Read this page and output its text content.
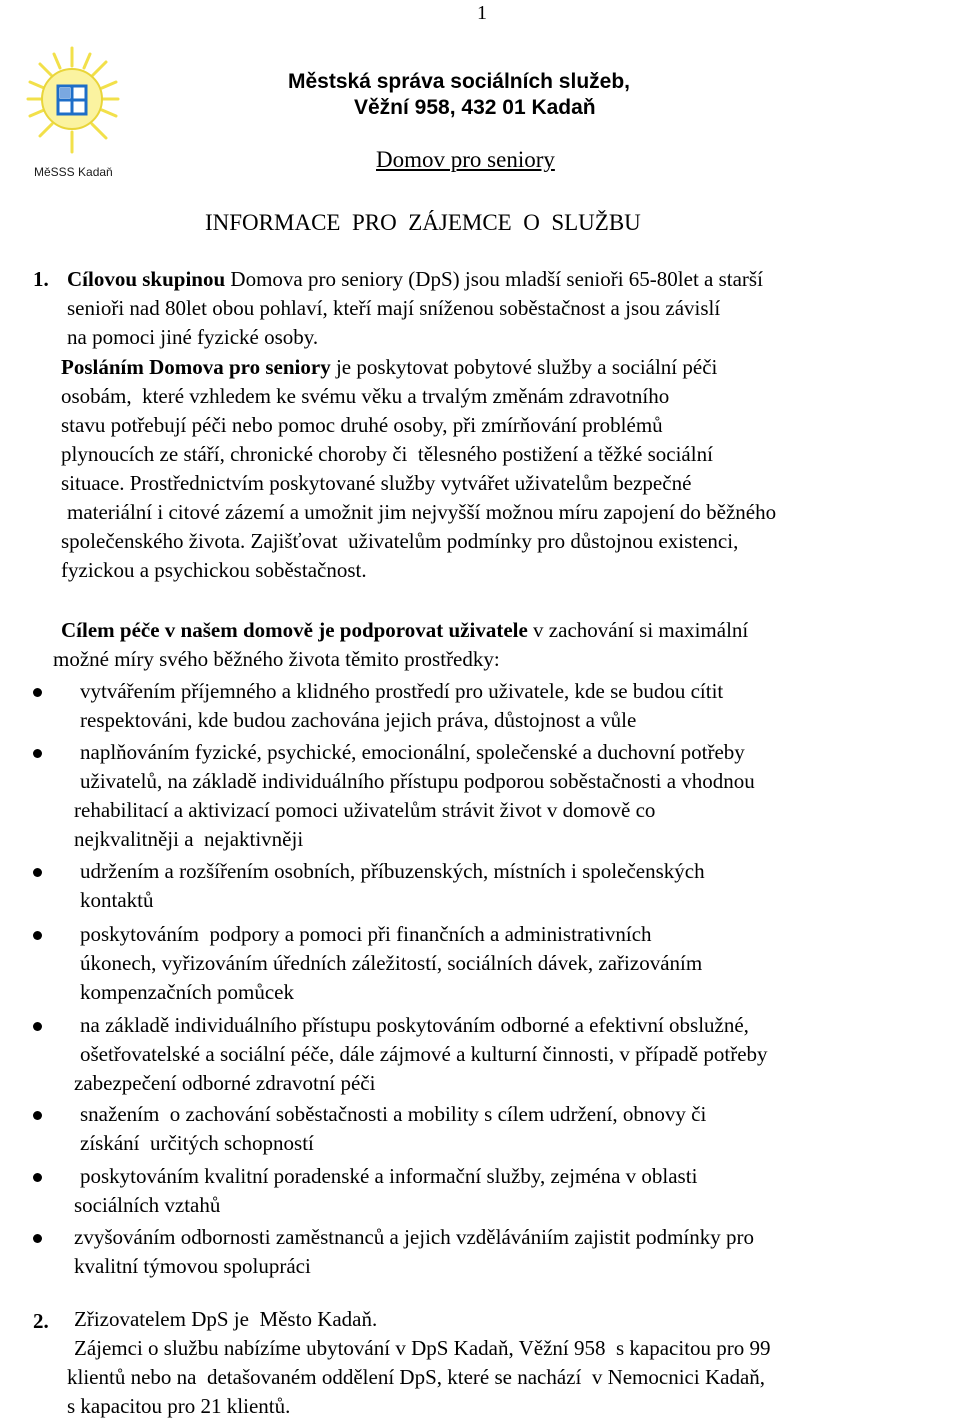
1
MěSSS Kadaň
Městská správa sociálních služeb,
Věžní 958, 432 01 Kadaň
Domov pro seniory
INFORMACE  PRO  ZÁJEMCE  O  SLUŽBU
1. Cílovou skupinou Domova pro seniory (DpS) jsou mladší senioři 65-80let a starší
senioři nad 80let obou pohlaví, kteří mají sníženou soběstačnost a jsou závislí
na pomoci jiné fyzické osoby.
Posláním Domova pro seniory je poskytovat pobytové služby a sociální péči
osobám,  které vzhledem ke svému věku a trvalým změnám zdravotního
stavu potřebují péči nebo pomoc druhé osoby, při zmírňování problémů
plynoucích ze stáří, chronické choroby či  tělesného postižení a těžké sociální
situace. Prostřednictvím poskytované služby vytvářet uživatelům bezpečné
materiální i citové zázemí a umožnit jim nejvyšší možnou míru zapojení do běžného
společenského života. Zajišťovat  uživatelům podmínky pro důstojnou existenci,
fyzickou a psychickou soběstačnost.
Cílem péče v našem domově je podporovat uživatele v zachování si maximální
možné míry svého běžného života těmito prostředky:
vytvářením příjemného a klidného prostředí pro uživatele, kde se budou cítit
respektováni, kde budou zachována jejich práva, důstojnost a vůle
naplňováním fyzické, psychické, emocionální, společenské a duchovní potřeby
uživatelů, na základě individuálního přístupu podporou soběstačnosti a vhodnou
rehabilitací a aktivizací pomoci uživatelům strávit život v domově co
nejkvalitněji a  nejaktivněji
udržením a rozšířením osobních, příbuzenských, místních i společenských
kontaktů
poskytováním  podpory a pomoci při finančních a administrativních
úkonech, vyřizováním úředních záležitostí, sociálních dávek, zařizováním
kompenzačních pomůcek
na základě individuálního přístupu poskytováním odborné a efektivní obslužné,
ošetřovatelské a sociální péče, dále zájmové a kulturní činnosti, v případě potřeby
zabezpečení odborné zdravotní péči
snažením  o zachování soběstačnosti a mobility s cílem udržení, obnovy či
získání  určitých schopností
poskytováním kvalitní poradenské a informační služby, zejména v oblasti
sociálních vztahů
zvyšováním odbornosti zaměstnanců a jejich vzdělávániím zajistit podmínky pro
kvalitní týmovou spolupráci
2. Zřizovatelem DpS je  Město Kadaň.
Zájemci o službu nabízíme ubytování v DpS Kadaň, Věžní 958  s kapacitou pro 99
klientů nebo na  detašovaném oddělení DpS, které se nachází  v Nemocnici Kadaň,
s kapacitou pro 21 klientů.
